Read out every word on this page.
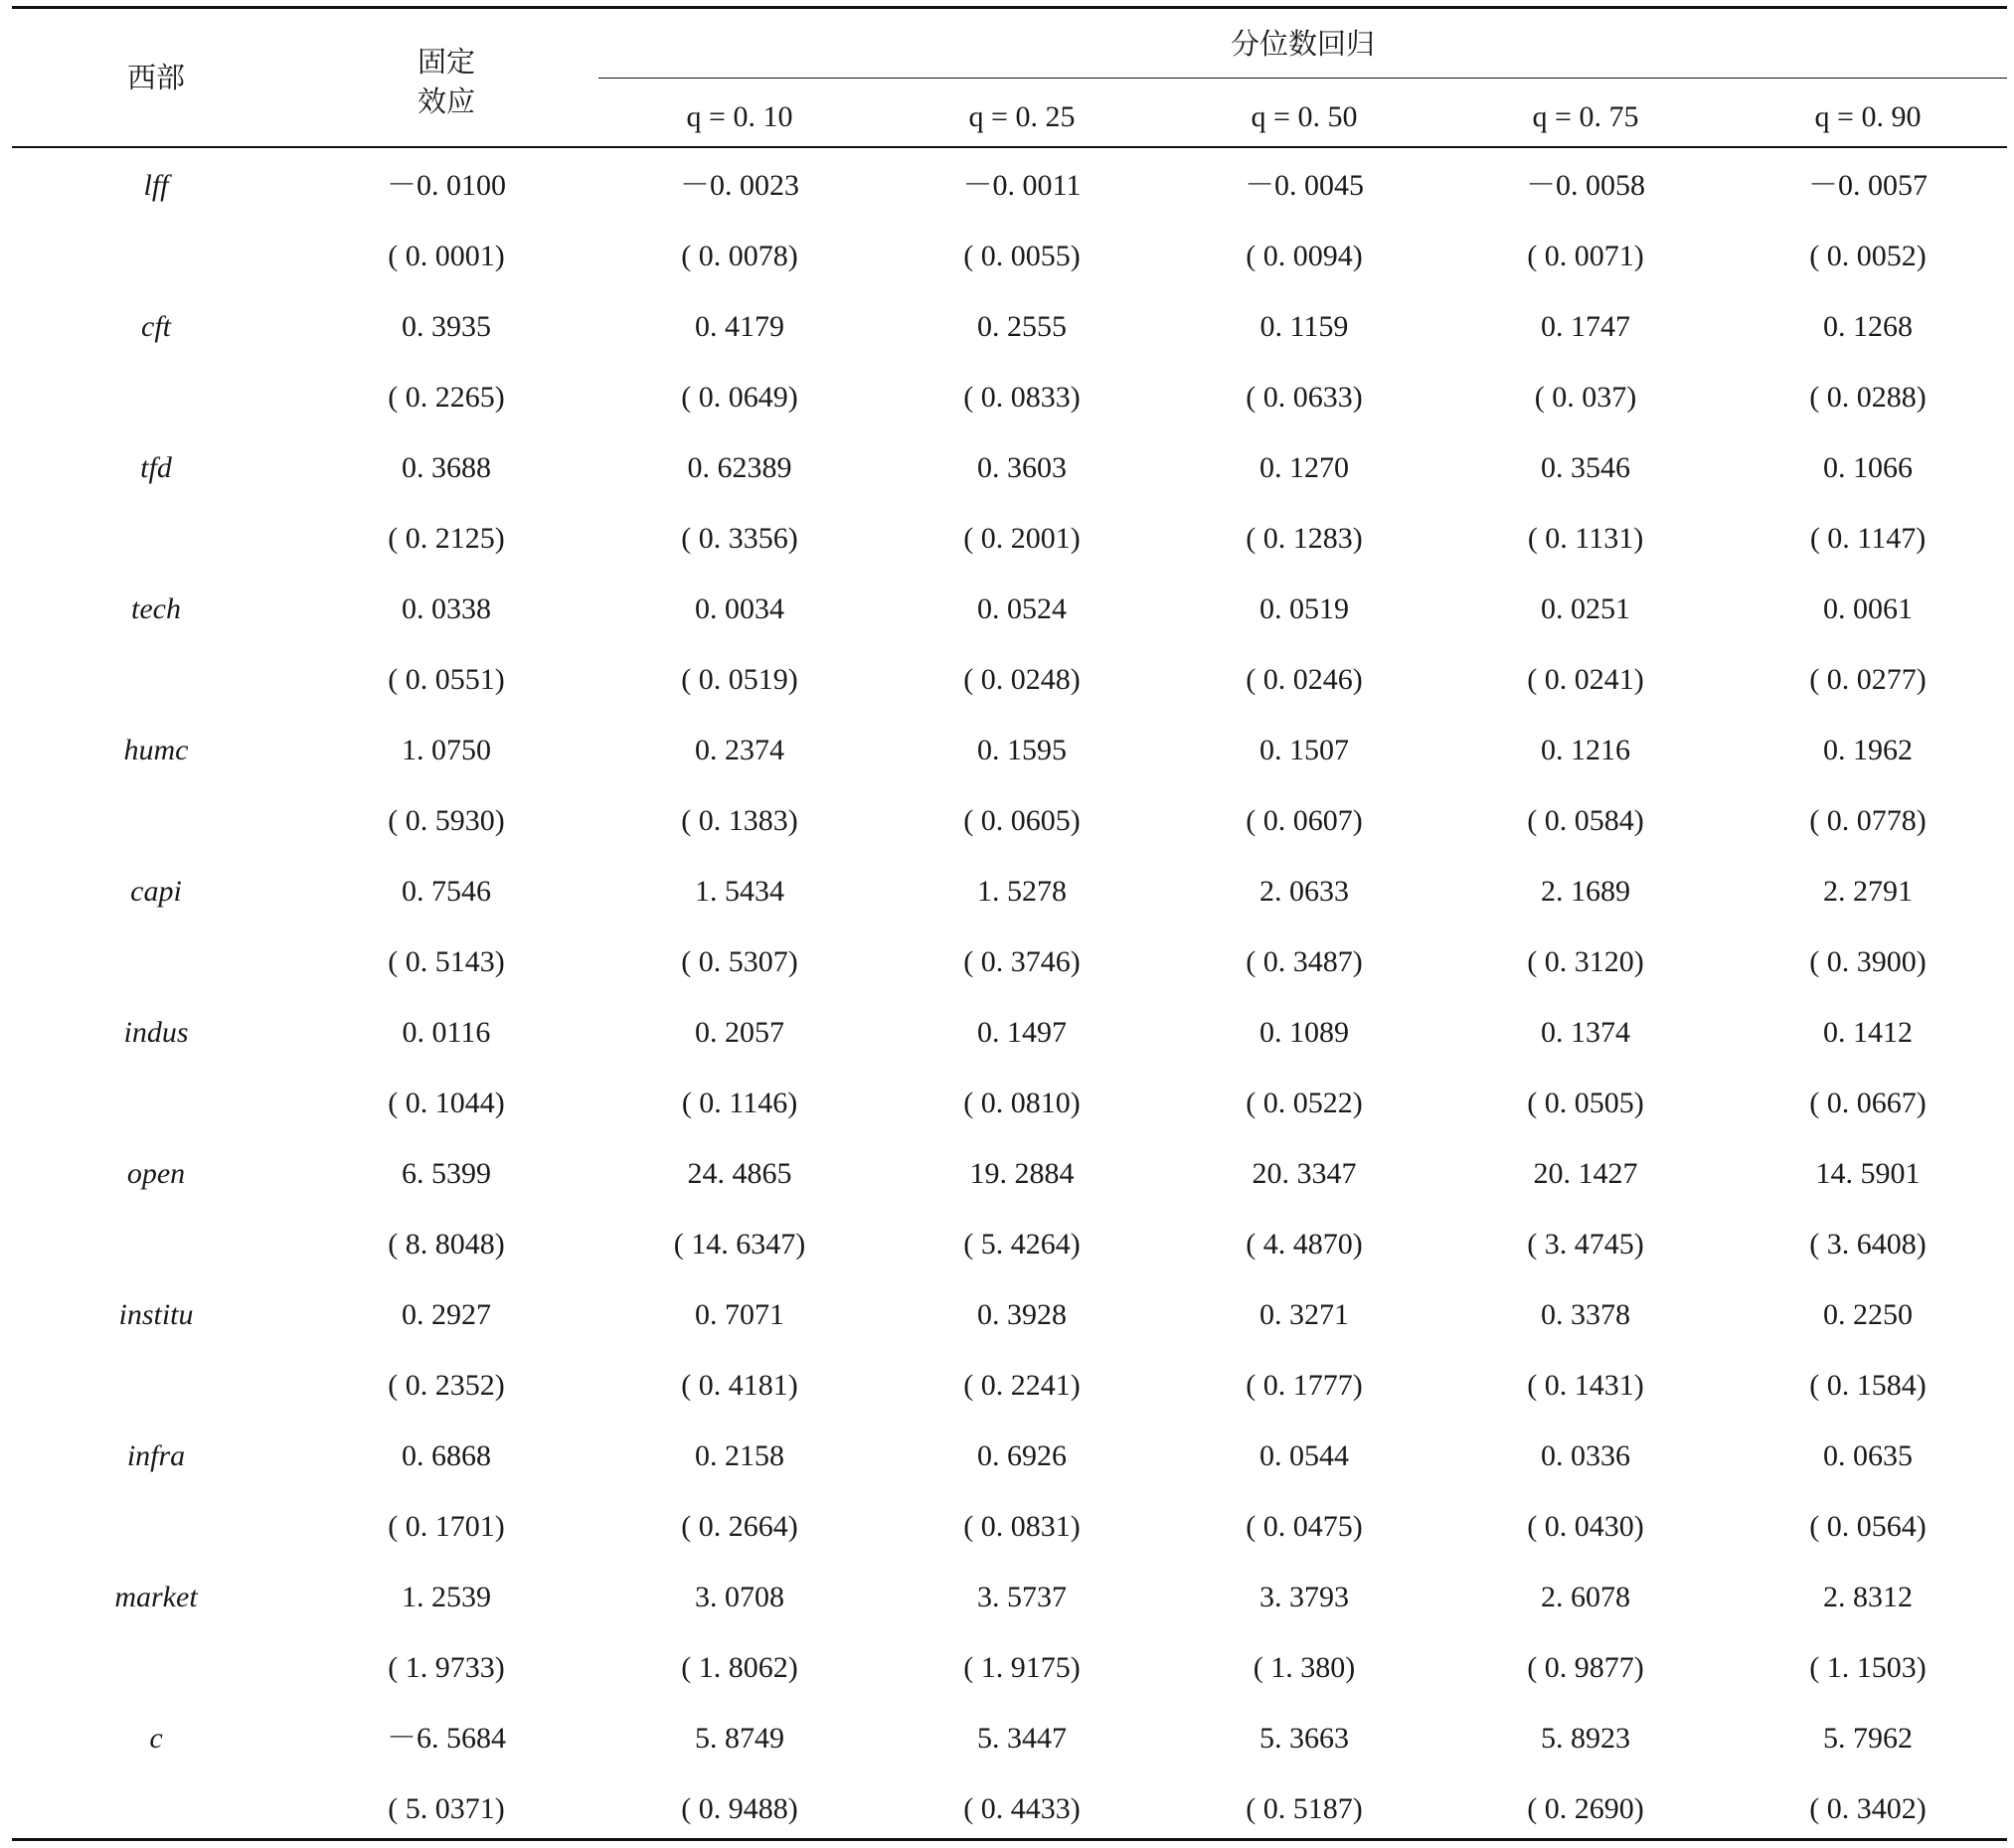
西部	固定
效应
分位数回归
q = 0. 10	q = 0. 25	q = 0. 50	q = 0. 75	q = 0. 90
lff	－0. 0100	－0. 0023	－0. 0011	－0. 0045	－0. 0058	－0. 0057
( 0. 0001)	( 0. 0078)	( 0. 0055)	( 0. 0094)	( 0. 0071)	( 0. 0052)
cft	0. 3935	0. 4179	0. 2555	0. 1159	0. 1747	0. 1268
( 0. 2265)	( 0. 0649)	( 0. 0833)	( 0. 0633)	( 0. 037)	( 0. 0288)
tfd	0. 3688	0. 62389	0. 3603	0. 1270	0. 3546	0. 1066
( 0. 2125)	( 0. 3356)	( 0. 2001)	( 0. 1283)	( 0. 1131)	( 0. 1147)
tech	0. 0338	0. 0034	0. 0524	0. 0519	0. 0251	0. 0061
( 0. 0551)	( 0. 0519)	( 0. 0248)	( 0. 0246)	( 0. 0241)	( 0. 0277)
humc	1. 0750	0. 2374	0. 1595	0. 1507	0. 1216	0. 1962
( 0. 5930)	( 0. 1383)	( 0. 0605)	( 0. 0607)	( 0. 0584)	( 0. 0778)
capi	0. 7546	1. 5434	1. 5278	2. 0633	2. 1689	2. 2791
( 0. 5143)	( 0. 5307)	( 0. 3746)	( 0. 3487)	( 0. 3120)	( 0. 3900)
indus	0. 0116	0. 2057	0. 1497	0. 1089	0. 1374	0. 1412
( 0. 1044)	( 0. 1146)	( 0. 0810)	( 0. 0522)	( 0. 0505)	( 0. 0667)
open	6. 5399	24. 4865	19. 2884	20. 3347	20. 1427	14. 5901
( 8. 8048)	( 14. 6347)	( 5. 4264)	( 4. 4870)	( 3. 4745)	( 3. 6408)
institu	0. 2927	0. 7071	0. 3928	0. 3271	0. 3378	0. 2250
( 0. 2352)	( 0. 4181)	( 0. 2241)	( 0. 1777)	( 0. 1431)	( 0. 1584)
infra	0. 6868	0. 2158	0. 6926	0. 0544	0. 0336	0. 0635
( 0. 1701)	( 0. 2664)	( 0. 0831)	( 0. 0475)	( 0. 0430)	( 0. 0564)
market	1. 2539	3. 0708	3. 5737	3. 3793	2. 6078	2. 8312
( 1. 9733)	( 1. 8062)	( 1. 9175)	( 1. 380)	( 0. 9877)	( 1. 1503)
c	－6. 5684	5. 8749	5. 3447	5. 3663	5. 8923	5. 7962
( 5. 0371)	( 0. 9488)	( 0. 4433)	( 0. 5187)	( 0. 2690)	( 0. 3402)
